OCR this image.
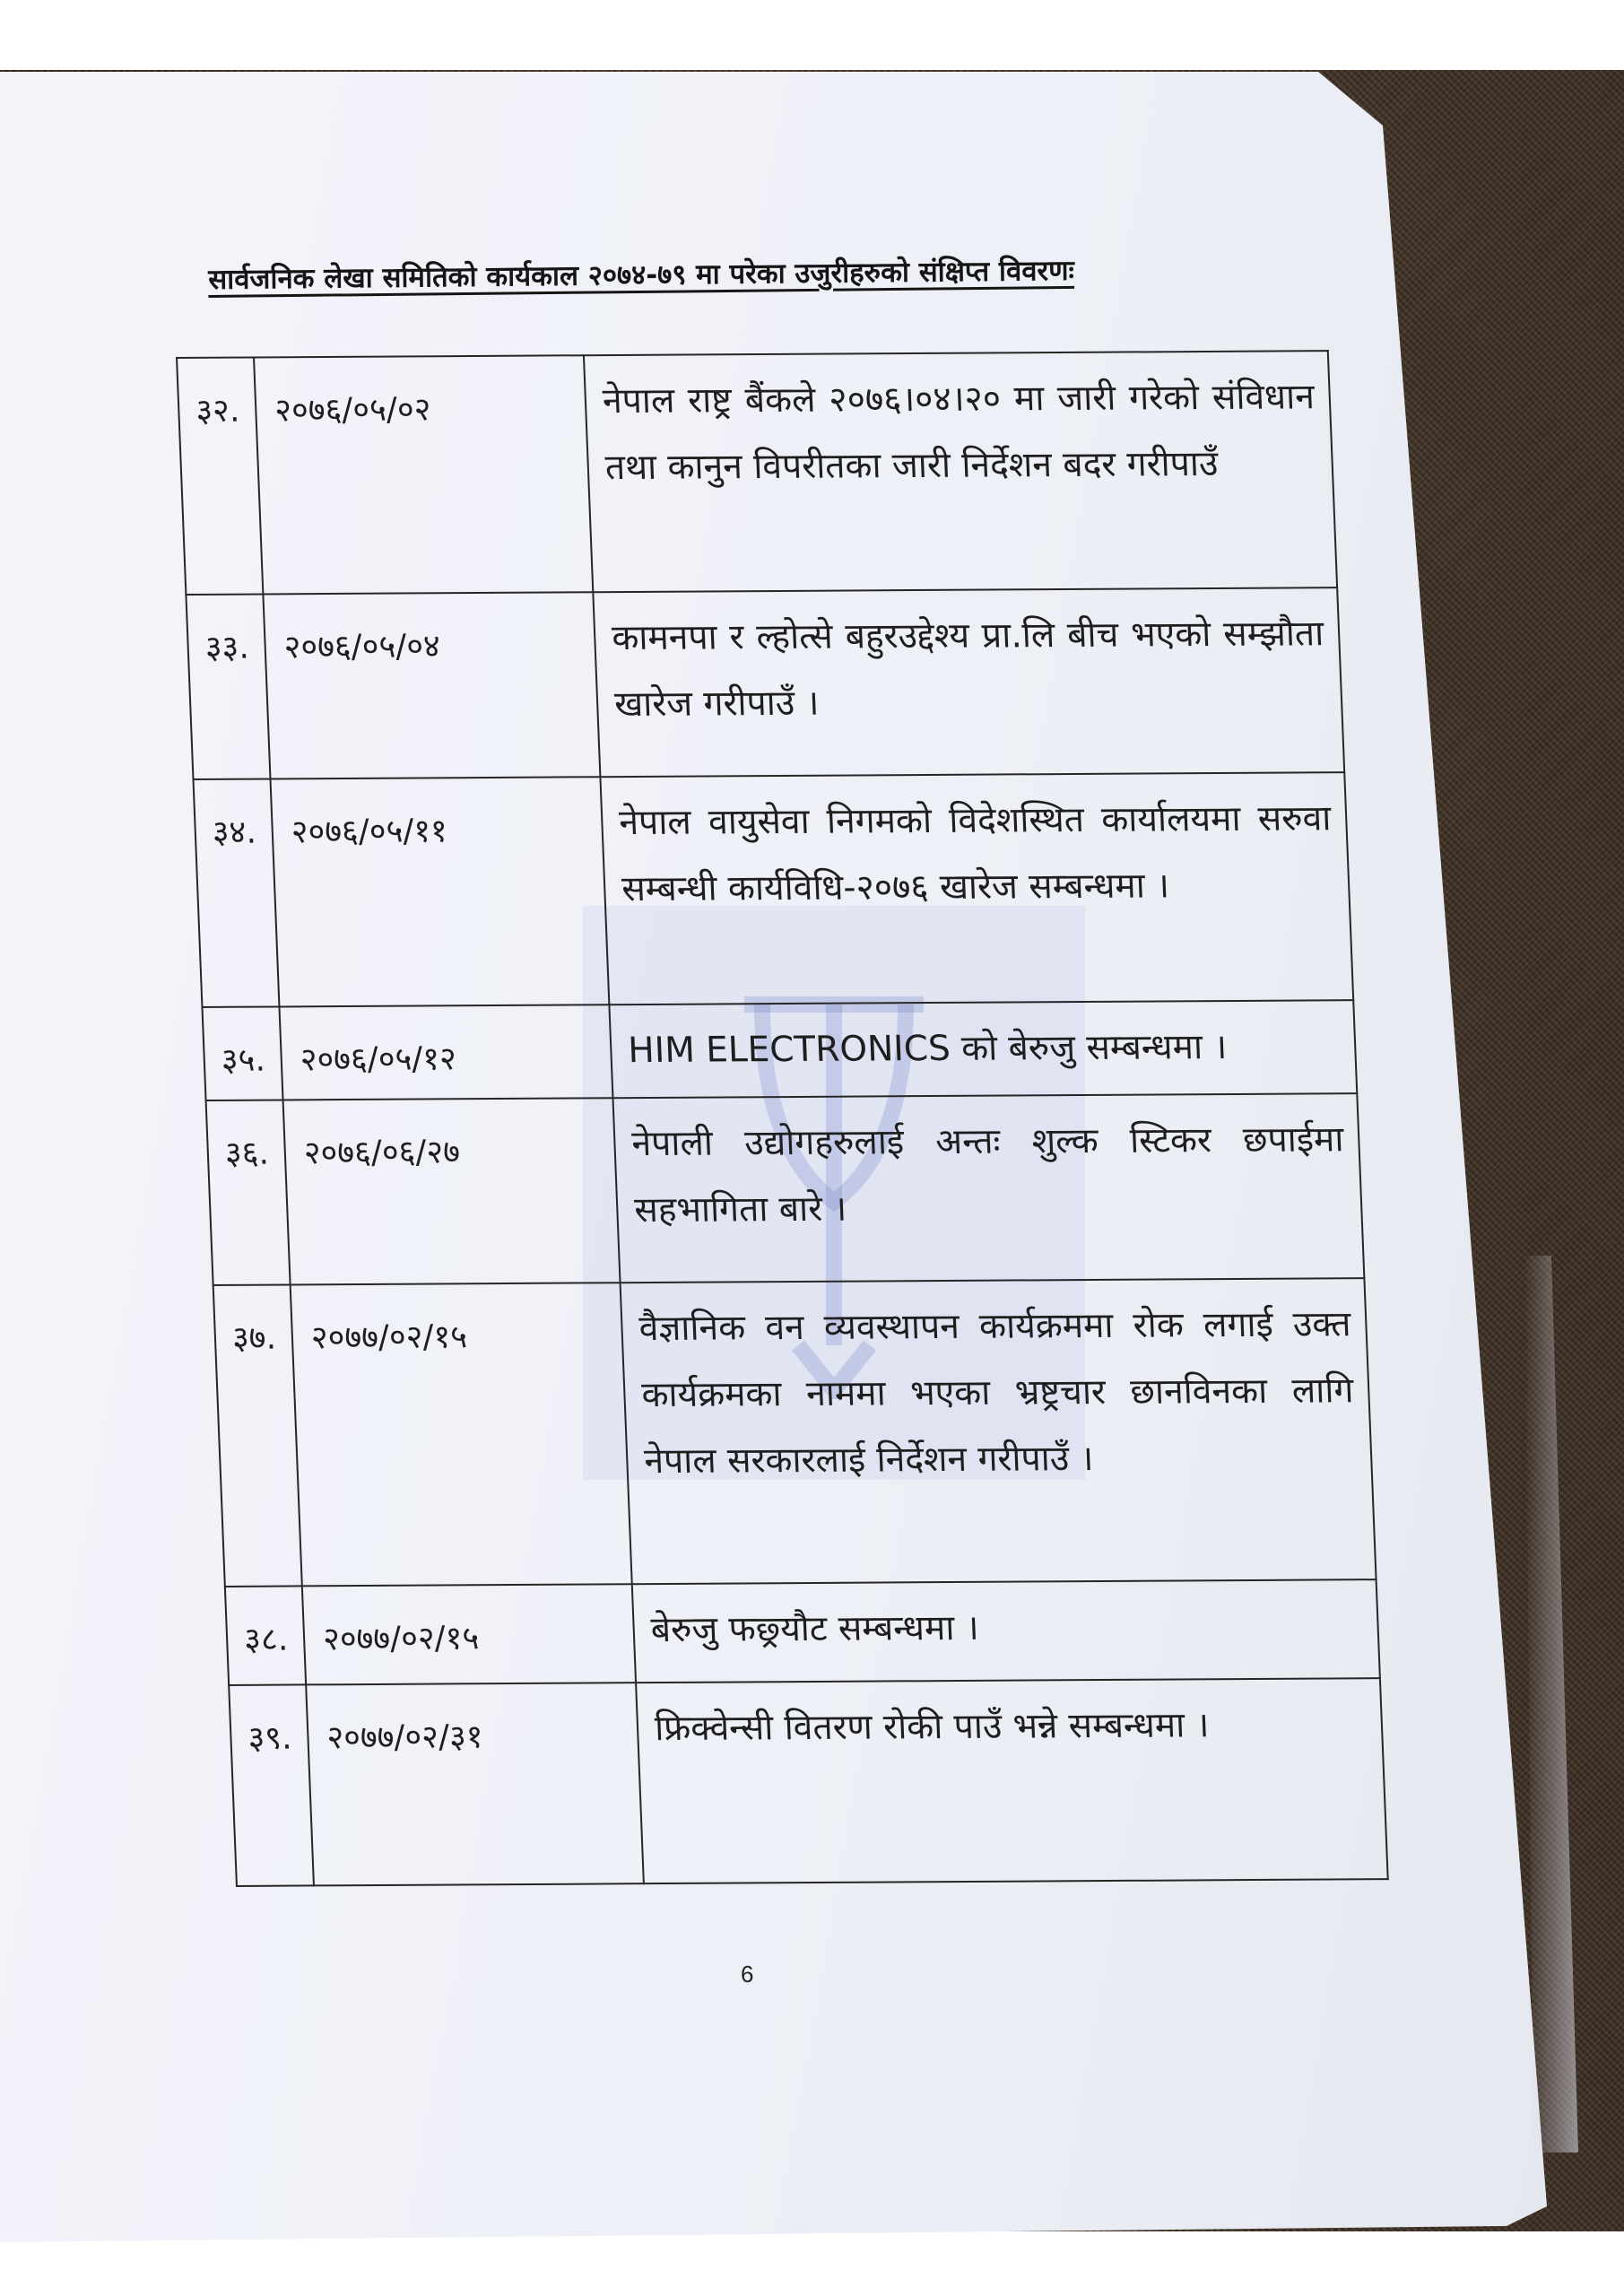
सार्वजनिक लेखा समितिको कार्यकाल २०७४-७९ मा परेका उजुरीहरुको संक्षिप्त विवरणः
३२.	२०७६/०५/०२	नेपाल राष्ट्र बैंकले २०७६।०४।२० मा जारी गरेको संविधान तथा कानुन विपरीतका जारी निर्देशन बदर गरीपाउँ
३३.	२०७६/०५/०४	कामनपा र ल्होत्से बहुरउद्देश्य प्रा.लि बीच भएको सम्झौता खारेज गरीपाउँ ।
३४.	२०७६/०५/११	नेपाल वायुसेवा निगमको विदेशस्थित कार्यालयमा सरुवा सम्बन्धी कार्यविधि-२०७६ खारेज सम्बन्धमा ।
३५.	२०७६/०५/१२	HIM ELECTRONICS को बेरुजु सम्बन्धमा ।
३६.	२०७६/०६/२७	नेपाली उद्योगहरुलाई अन्तः शुल्क स्टिकर छपाईमा सहभागिता बारे ।
३७.	२०७७/०२/१५	वैज्ञानिक वन व्यवस्थापन कार्यक्रममा रोक लगाई उक्त कार्यक्रमका नाममा भएका भ्रष्ट्रचार छानविनका लागि नेपाल सरकारलाई निर्देशन गरीपाउँ ।
३८.	२०७७/०२/१५	बेरुजु फछ्र्यौट सम्बन्धमा ।
३९.	२०७७/०२/३१	फ्रिक्वेन्सी वितरण रोकी पाउँ भन्ने सम्बन्धमा ।
6
